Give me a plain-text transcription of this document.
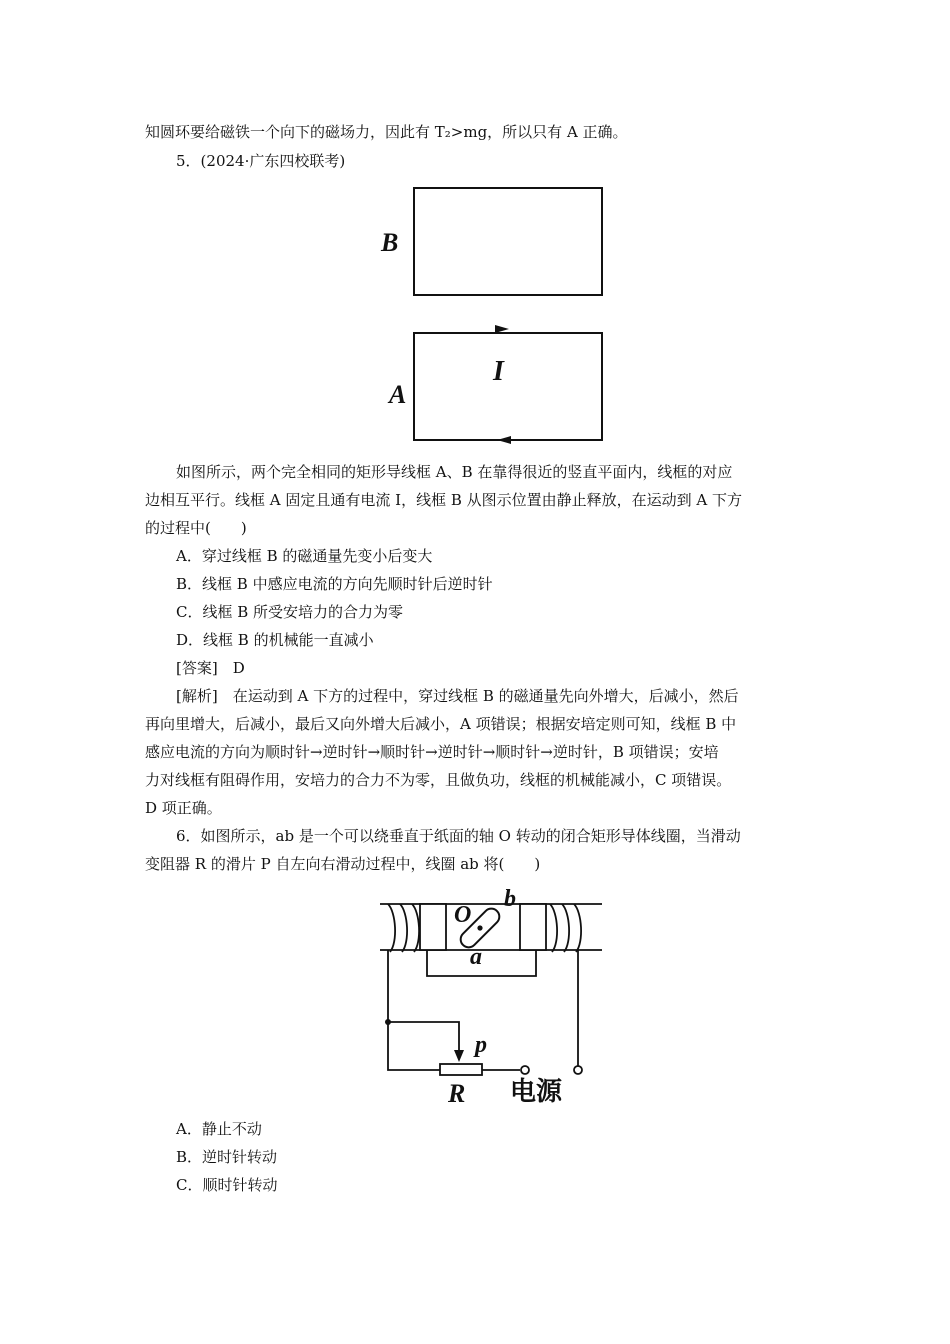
知圆环要给磁铁一个向下的磁场力，因此有 T₂>mg，所以只有 A 正确。
5．(2024·广东四校联考)
B
A
I
如图所示，两个完全相同的矩形导线框 A、B 在靠得很近的竖直平面内，线框的对应
边相互平行。线框 A 固定且通有电流 I，线框 B 从图示位置由静止释放，在运动到 A 下方
的过程中(　　)
A．穿过线框 B 的磁通量先变小后变大
B．线框 B 中感应电流的方向先顺时针后逆时针
C．线框 B 所受安培力的合力为零
D．线框 B 的机械能一直减小
[答案]　D
[解析]　在运动到 A 下方的过程中，穿过线框 B 的磁通量先向外增大，后减小，然后
再向里增大，后减小，最后又向外增大后减小，A 项错误；根据安培定则可知，线框 B 中
感应电流的方向为顺时针→逆时针→顺时针→逆时针→顺时针→逆时针，B 项错误；安培
力对线框有阻碍作用，安培力的合力不为零，且做负功，线框的机械能减小，C 项错误。
D 项正确。
6．如图所示，ab 是一个可以绕垂直于纸面的轴 O 转动的闭合矩形导体线圈，当滑动
变阻器 R 的滑片 P 自左向右滑动过程中，线圈 ab 将(　　)
O
b
a
p
R 电源
A．静止不动
B．逆时针转动
C．顺时针转动
